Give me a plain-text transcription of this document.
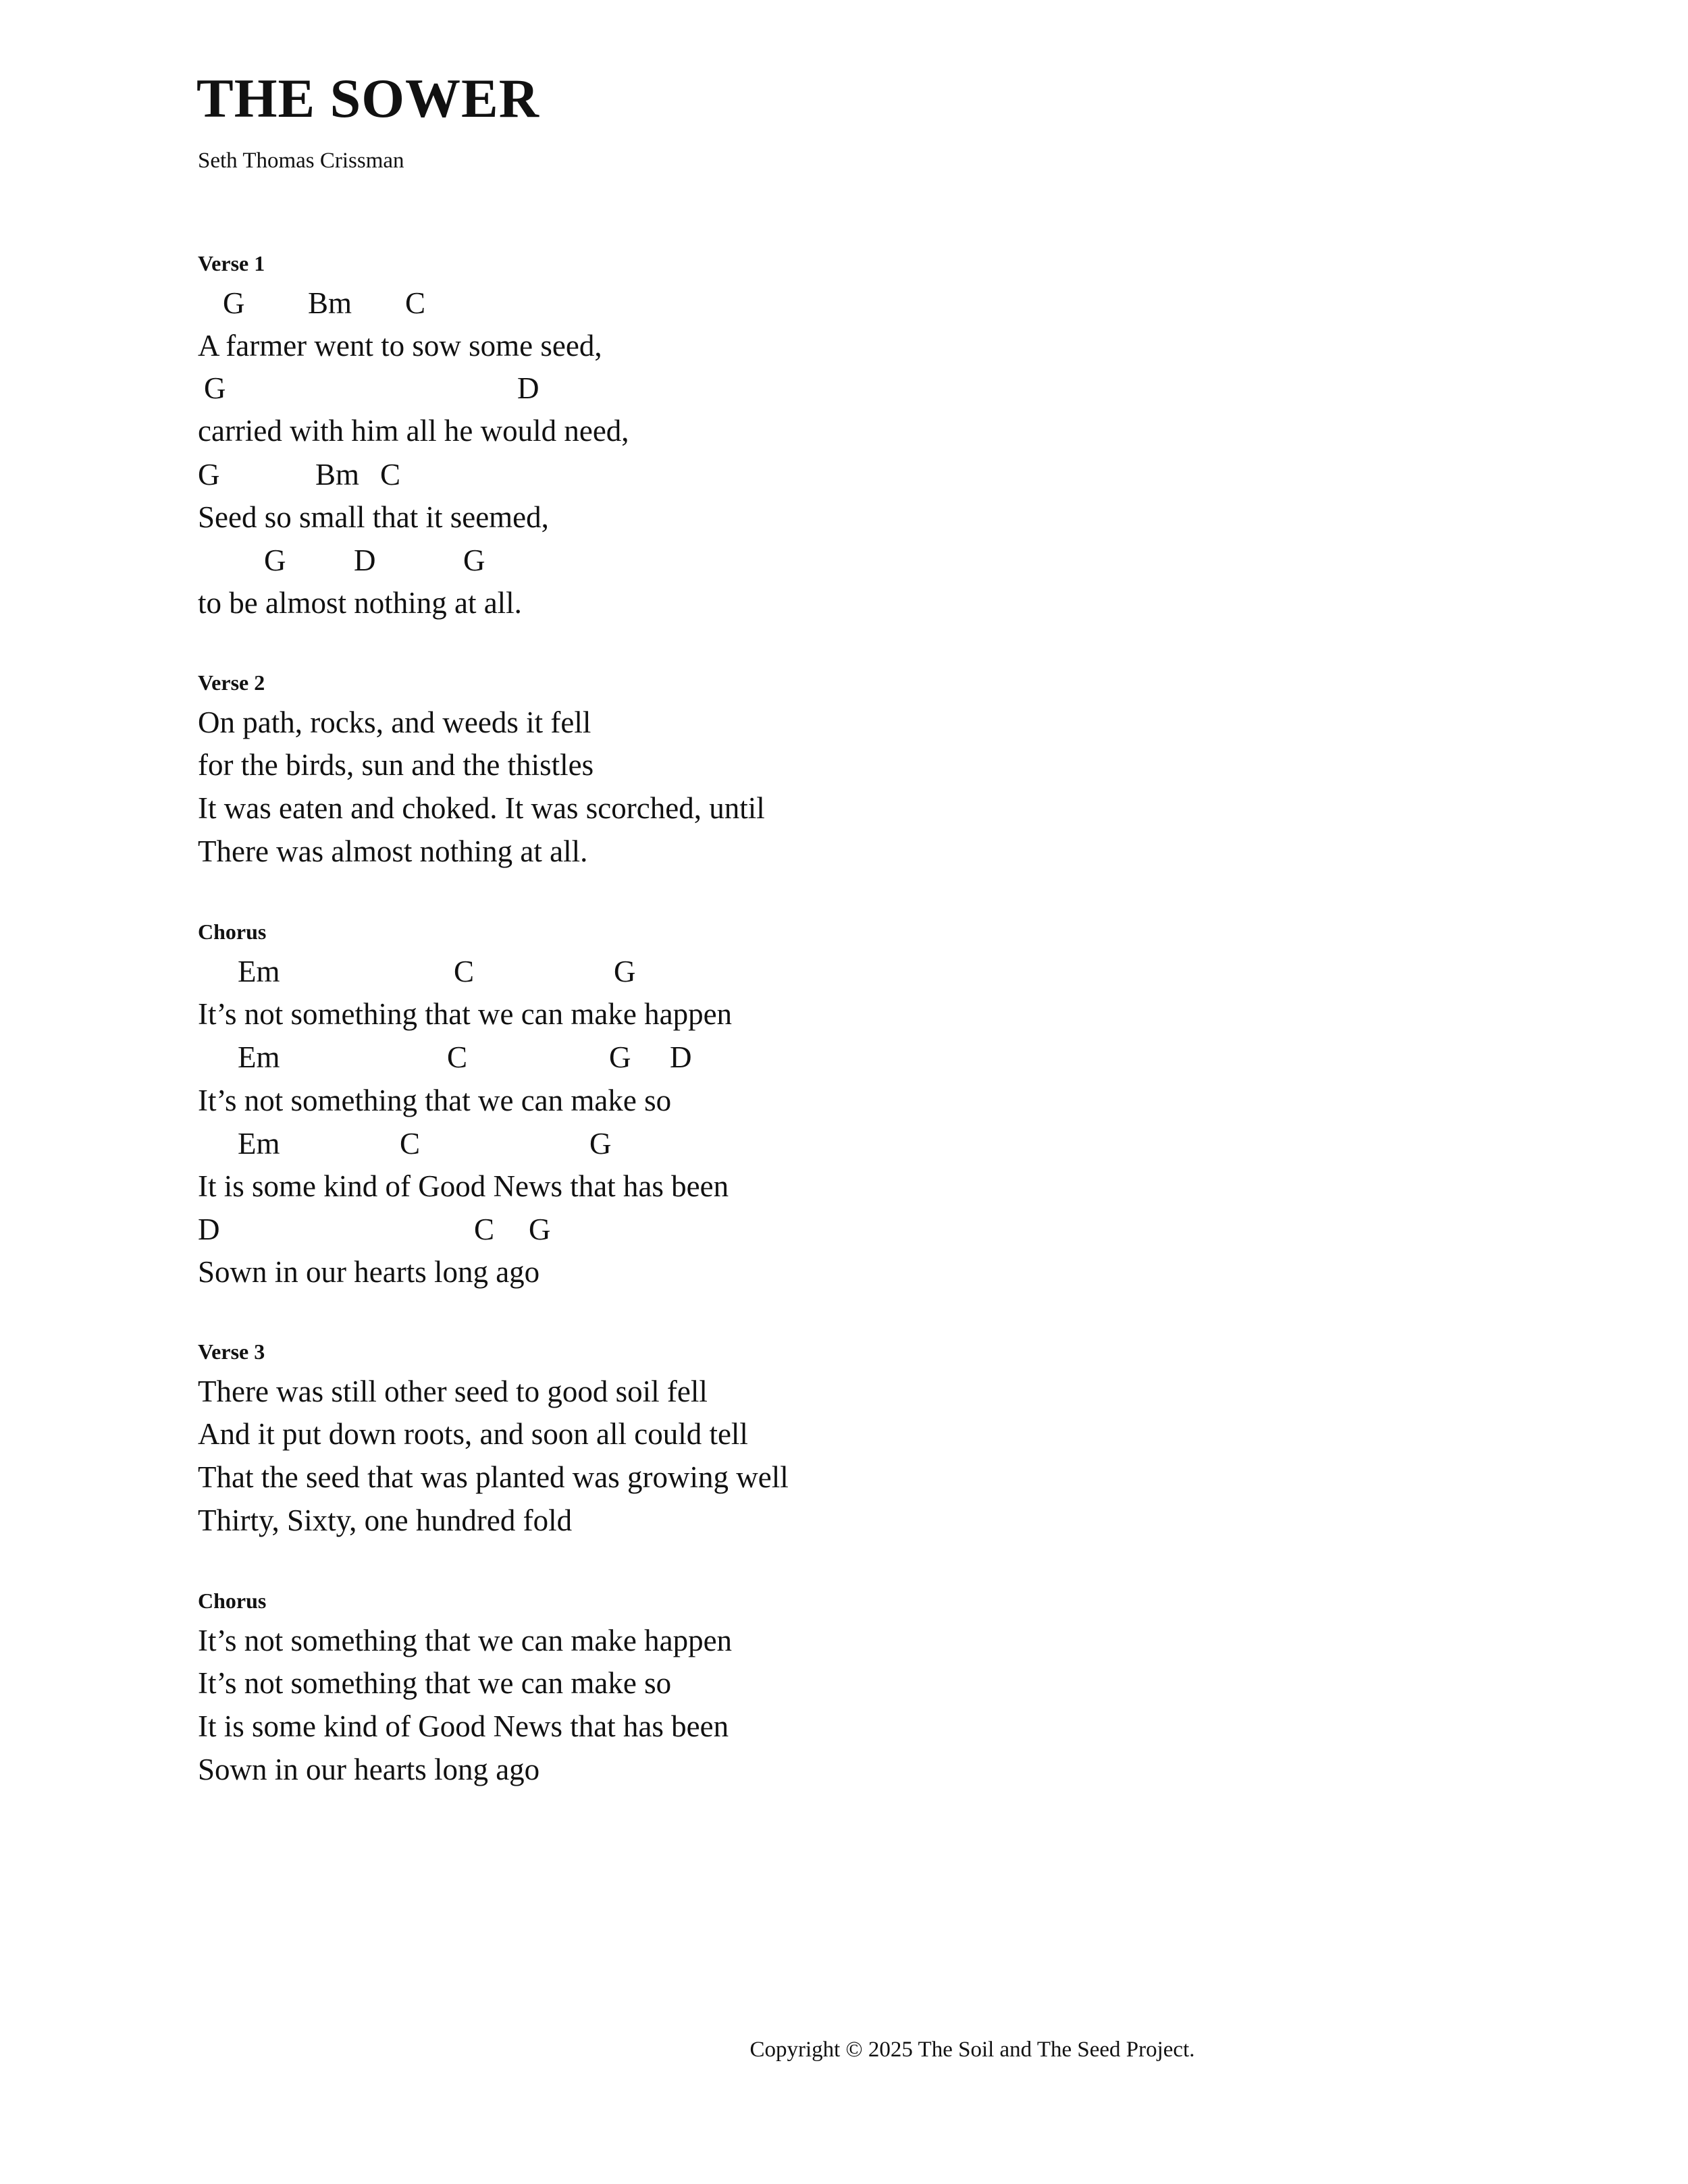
THE SOWER
Seth Thomas Crissman
Verse 1
G Bm C
A farmer went to sow some seed,
G	D
carried with him all he would need,
G	Bm C
Seed so small that it seemed,
G D	G
to be almost nothing at all.
Verse 2
On path, rocks, and weeds it fell
for the birds, sun and the thistles
It was eaten and choked. It was scorched, until
There was almost nothing at all.
Chorus
Em	C	G
It’s not something that we can make happen
Em	C	G D
It’s not something that we can make so
Em	C	G
It is some kind of Good News that has been
D	C G
Sown in our hearts long ago
Verse 3
There was still other seed to good soil fell
And it put down roots, and soon all could tell
That the seed that was planted was growing well
Thirty, Sixty, one hundred fold
Chorus
It’s not something that we can make happen
It’s not something that we can make so
It is some kind of Good News that has been
Sown in our hearts long ago
Copyright © 2025 The Soil and The Seed Project.
